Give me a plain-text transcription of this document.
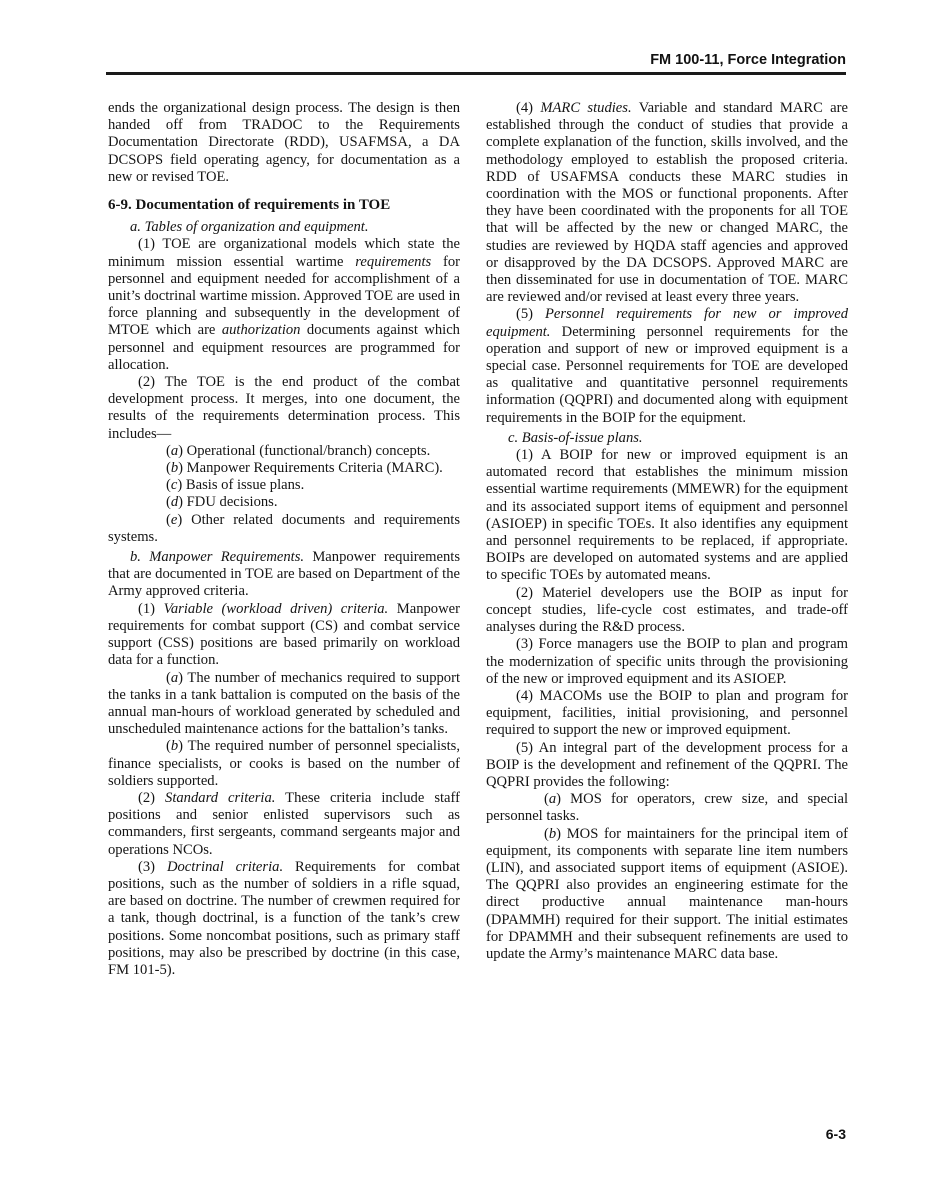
FM 100-11, Force Integration

ends the organizational design process. The design is then handed off from TRADOC to the Requirements Documentation Directorate (RDD), USAFMSA, a DA DCSOPS field operating agency, for documentation as a new or revised TOE.

6-9. Documentation of requirements in TOE

a. Tables of organization and equipment.

(1) TOE are organizational models which state the minimum mission essential wartime requirements for personnel and equipment needed for accomplishment of a unit’s doctrinal wartime mission. Approved TOE are used in force planning and subsequently in the development of MTOE which are authorization documents against which personnel and equipment resources are programmed for allocation.

(2) The TOE is the end product of the combat development process. It merges, into one document, the results of the requirements determination process. This includes—

(a) Operational (functional/branch) concepts.

(b) Manpower Requirements Criteria (MARC).

(c) Basis of issue plans.

(d) FDU decisions.

(e) Other related documents and requirements systems.

b. Manpower Requirements. Manpower requirements that are documented in TOE are based on Department of the Army approved criteria.

(1) Variable (workload driven) criteria. Manpower requirements for combat support (CS) and combat service support (CSS) positions are based primarily on workload data for a function.

(a) The number of mechanics required to support the tanks in a tank battalion is computed on the basis of the annual man-hours of workload generated by scheduled and unscheduled maintenance actions for the battalion’s tanks.

(b) The required number of personnel specialists, finance specialists, or cooks is based on the number of soldiers supported.

(2) Standard criteria. These criteria include staff positions and senior enlisted supervisors such as commanders, first sergeants, command sergeants major and operations NCOs.

(3) Doctrinal criteria. Requirements for combat positions, such as the number of soldiers in a rifle squad, are based on doctrine. The number of crewmen required for a tank, though doctrinal, is a function of the tank’s crew positions. Some noncombat positions, such as primary staff positions, may also be prescribed by doctrine (in this case, FM 101-5).

(4) MARC studies. Variable and standard MARC are established through the conduct of studies that provide a complete explanation of the function, skills involved, and the methodology employed to establish the proposed criteria. RDD of USAFMSA conducts these MARC studies in coordination with the MOS or functional proponents. After they have been coordinated with the proponents for all TOE that will be affected by the new or changed MARC, the studies are reviewed by HQDA staff agencies and approved or disapproved by the DA DCSOPS. Approved MARC are then disseminated for use in documentation of TOE. MARC are reviewed and/or revised at least every three years.

(5) Personnel requirements for new or improved equipment. Determining personnel requirements for the operation and support of new or improved equipment is a special case. Personnel requirements for TOE are developed as qualitative and quantitative personnel requirements information (QQPRI) and documented along with equipment requirements in the BOIP for the equipment.

c. Basis-of-issue plans.

(1) A BOIP for new or improved equipment is an automated record that establishes the minimum mission essential wartime requirements (MMEWR) for the equipment and its associated support items of equipment and personnel (ASIOEP) in specific TOEs. It also identifies any equipment and personnel requirements to be replaced, if appropriate. BOIPs are developed on automated systems and are applied to specific TOEs by automated means.

(2) Materiel developers use the BOIP as input for concept studies, life-cycle cost estimates, and trade-off analyses during the R&D process.

(3) Force managers use the BOIP to plan and program the modernization of specific units through the provisioning of the new or improved equipment and its ASIOEP.

(4) MACOMs use the BOIP to plan and program for equipment, facilities, initial provisioning, and personnel required to support the new or improved equipment.

(5) An integral part of the development process for a BOIP is the development and refinement of the QQPRI. The QQPRI provides the following:

(a) MOS for operators, crew size, and special personnel tasks.

(b) MOS for maintainers for the principal item of equipment, its components with separate line item numbers (LIN), and associated support items of equipment (ASIOE). The QQPRI also provides an engineering estimate for the direct productive annual maintenance man-hours (DPAMMH) required for their support. The initial estimates for DPAMMH and their subsequent refinements are used to update the Army’s maintenance MARC data base.

6-3
